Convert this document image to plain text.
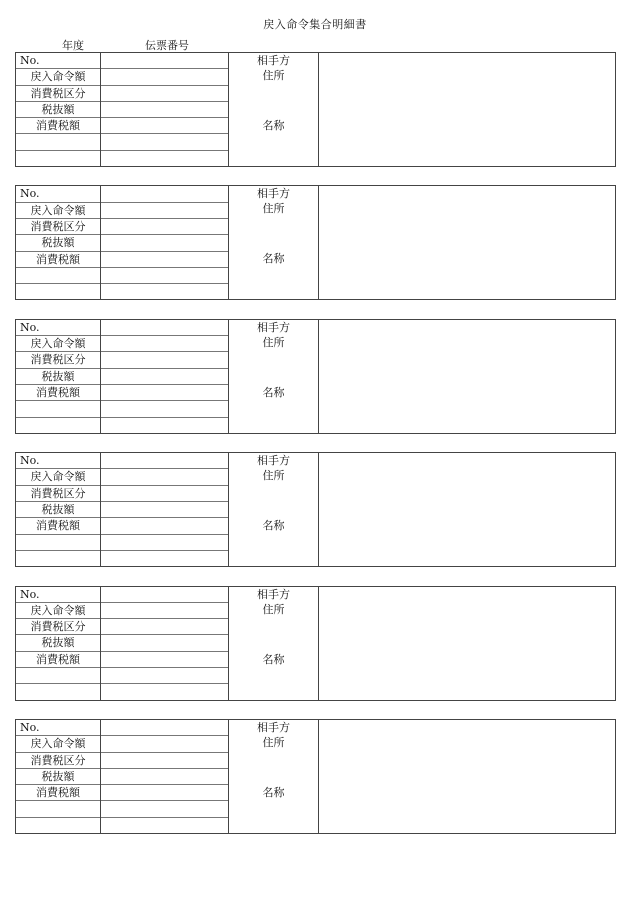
戻入命令集合明細書
年度	伝票番号
No.
戻入命令額
消費税区分
税抜額
消費税額
相手方
住所
名称
No.
戻入命令額
消費税区分
税抜額
消費税額
相手方
住所
名称
No.
戻入命令額
消費税区分
税抜額
消費税額
相手方
住所
名称
No.
戻入命令額
消費税区分
税抜額
消費税額
相手方
住所
名称
No.
戻入命令額
消費税区分
税抜額
消費税額
相手方
住所
名称
No.
戻入命令額
消費税区分
税抜額
消費税額
相手方
住所
名称
